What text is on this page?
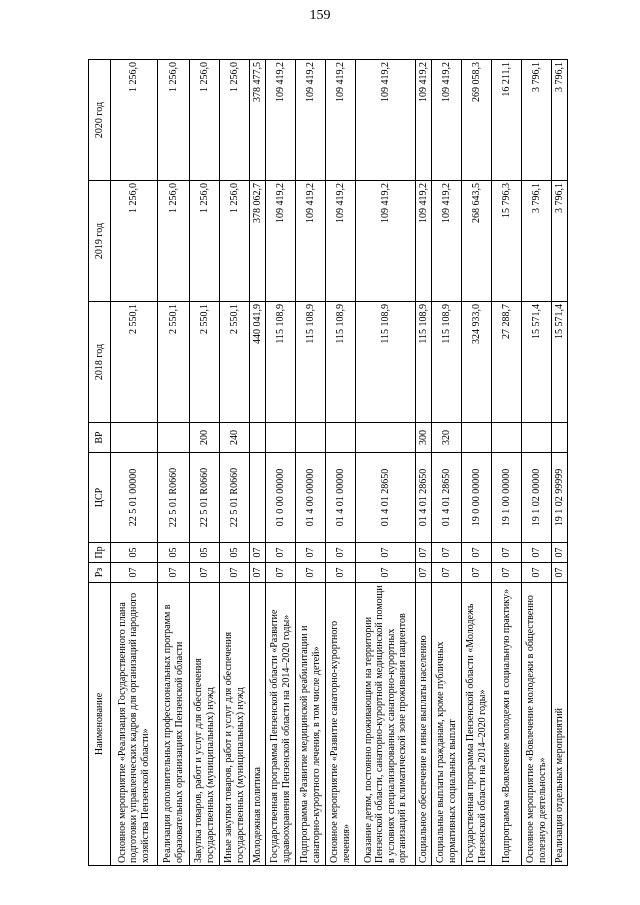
159
Наименование	Рз	Пр	ЦСР	ВР	2018 год	2019 год	2020 год
Основное мероприятие «Реализация Государственного плана подготовки управленческих кадров для организаций народного хозяйства Пензенской области»	07	05	22 5 01 00000		2 550,1	1 256,0	1 256,0
Реализация дополнительных профессиональных программ в образовательных организациях Пензенской области	07	05	22 5 01 R0660		2 550,1	1 256,0	1 256,0
Закупка товаров, работ и услуг для обеспечения государственных (муниципальных) нужд	07	05	22 5 01 R0660	200	2 550,1	1 256,0	1 256,0
Иные закупки товаров, работ и услуг для обеспечения государственных (муниципальных) нужд	07	05	22 5 01 R0660	240	2 550,1	1 256,0	1 256,0
Молодежная политика	07	07			440 041,9	378 062,7	378 477,5
Государственная программа Пензенской области «Развитие здравоохранения Пензенской области на 2014–2020 годы»	07	07	01 0 00 00000		115 108,9	109 419,2	109 419,2
Подпрограмма «Развитие медицинской реабилитации и санаторно-курортного лечения, в том числе детей»	07	07	01 4 00 00000		115 108,9	109 419,2	109 419,2
Основное мероприятие «Развитие санаторно-курортного лечения»	07	07	01 4 01 00000		115 108,9	109 419,2	109 419,2
Оказание детям, постоянно проживающим на территории Пензенской области, санаторно-курортной медицинской помощи в условиях специализированных санаторно-курортных организаций в климатической зоне проживания пациентов	07	07	01 4 01 28650		115 108,9	109 419,2	109 419,2
Социальное обеспечение и иные выплаты населению	07	07	01 4 01 28650	300	115 108,9	109 419,2	109 419,2
Социальные выплаты гражданам, кроме публичных нормативных социальных выплат	07	07	01 4 01 28650	320	115 108,9	109 419,2	109 419,2
Государственная программа Пензенской области «Молодежь Пензенской области на 2014–2020 годы»	07	07	19 0 00 00000		324 933,0	268 643,5	269 058,3
Подпрограмма «Вовлечение молодежи в социальную практику»	07	07	19 1 00 00000		27 288,7	15 796,3	16 211,1
Основное мероприятие «Вовлечение молодежи в общественно полезную деятельность»	07	07	19 1 02 00000		15 571,4	3 796,1	3 796,1
Реализация отдельных мероприятий	07	07	19 1 02 99999		15 571,4	3 796,1	3 796,1
